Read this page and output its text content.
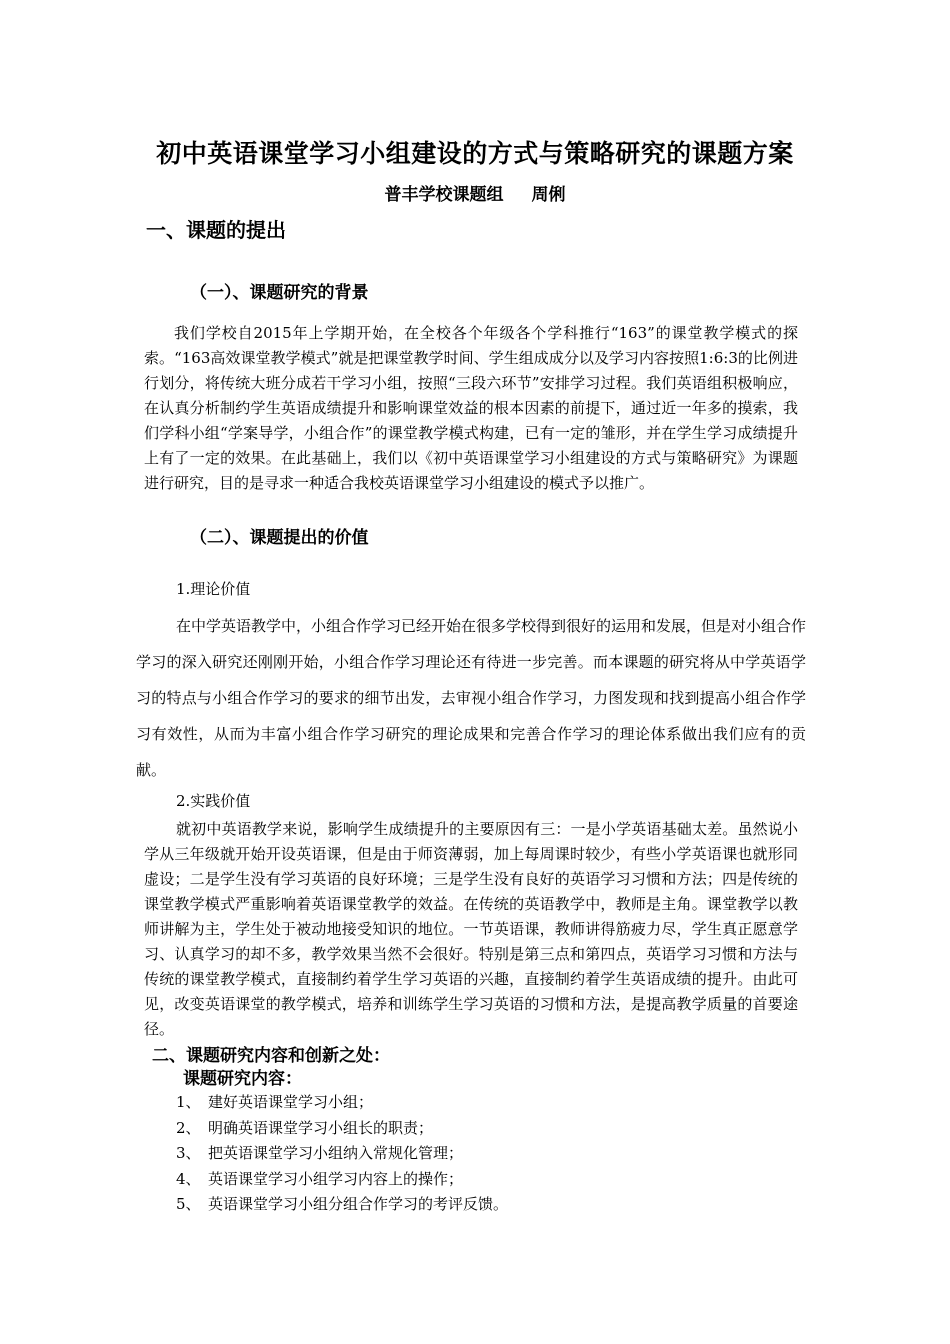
初中英语课堂学习小组建设的方式与策略研究的课题方案
普丰学校课题组 周俐
一、课题的提出
（一）、课题研究的背景
我们学校自2015年上学期开始，在全校各个年级各个学科推行“163”的课堂教学模式的探索。“163高效课堂教学模式”就是把课堂教学时间、学生组成成分以及学习内容按照1:6:3的比例进行划分，将传统大班分成若干学习小组，按照“三段六环节”安排学习过程。我们英语组积极响应，在认真分析制约学生英语成绩提升和影响课堂效益的根本因素的前提下，通过近一年多的摸索，我们学科小组“学案导学，小组合作”的课堂教学模式构建，已有一定的雏形，并在学生学习成绩提升上有了一定的效果。在此基础上，我们以《初中英语课堂学习小组建设的方式与策略研究》为课题进行研究，目的是寻求一种适合我校英语课堂学习小组建设的模式予以推广。
（二）、课题提出的价值
1.理论价值
在中学英语教学中，小组合作学习已经开始在很多学校得到很好的运用和发展，但是对小组合作学习的深入研究还刚刚开始，小组合作学习理论还有待进一步完善。而本课题的研究将从中学英语学习的特点与小组合作学习的要求的细节出发，去审视小组合作学习，力图发现和找到提高小组合作学习有效性，从而为丰富小组合作学习研究的理论成果和完善合作学习的理论体系做出我们应有的贡献。
2.实践价值
就初中英语教学来说，影响学生成绩提升的主要原因有三：一是小学英语基础太差。虽然说小学从三年级就开始开设英语课，但是由于师资薄弱，加上每周课时较少，有些小学英语课也就形同虚设；二是学生没有学习英语的良好环境；三是学生没有良好的英语学习习惯和方法；四是传统的课堂教学模式严重影响着英语课堂教学的效益。在传统的英语教学中，教师是主角。课堂教学以教师讲解为主，学生处于被动地接受知识的地位。一节英语课，教师讲得筋疲力尽，学生真正愿意学习、认真学习的却不多，教学效果当然不会很好。特别是第三点和第四点，英语学习习惯和方法与传统的课堂教学模式，直接制约着学生学习英语的兴趣，直接制约着学生英语成绩的提升。由此可见，改变英语课堂的教学模式，培养和训练学生学习英语的习惯和方法，是提高教学质量的首要途径。
二、课题研究内容和创新之处：
课题研究内容：
1、 建好英语课堂学习小组；
2、 明确英语课堂学习小组长的职责；
3、 把英语课堂学习小组纳入常规化管理；
4、 英语课堂学习小组学习内容上的操作；
5、 英语课堂学习小组分组合作学习的考评反馈。
